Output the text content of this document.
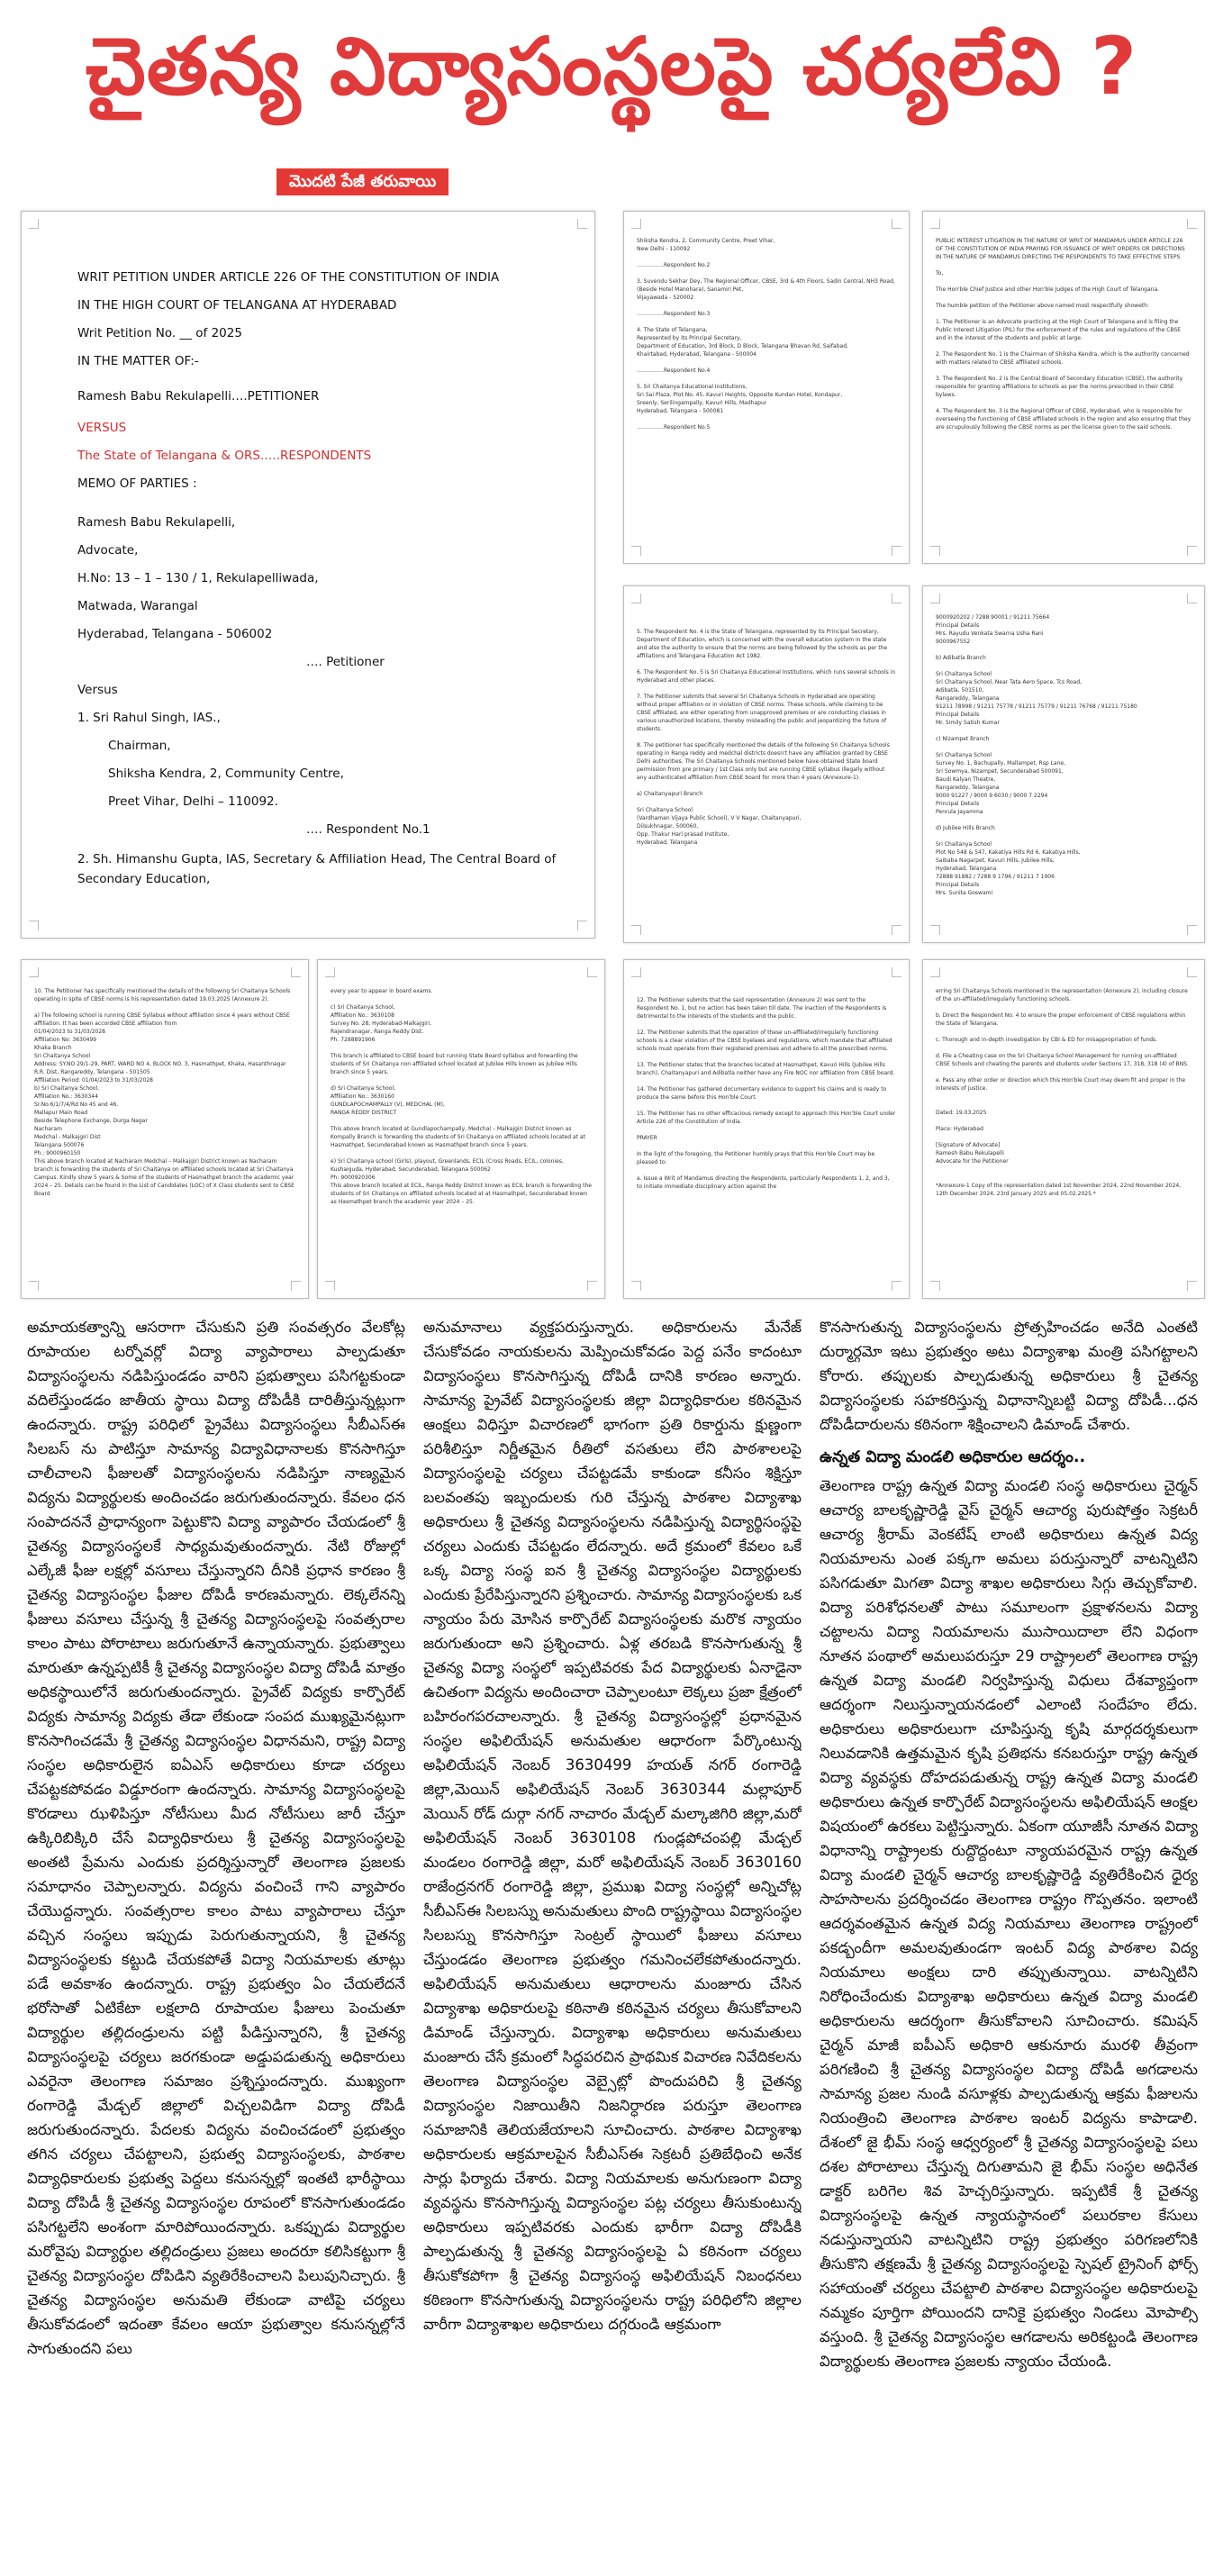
చైతన్య విద్యాసంస్థలపై చర్యలేవి ?
మొదటి పేజీ తరువాయి
WRIT PETITION UNDER ARTICLE 226 OF THE CONSTITUTION OF INDIA
IN THE HIGH COURT OF TELANGANA AT HYDERABAD
Writ Petition No. __ of 2025
IN THE MATTER OF:-
Ramesh Babu Rekulapelli….PETITIONER
VERSUS
The State of Telangana & ORS…..RESPONDENTS
MEMO OF PARTIES :
Ramesh Babu Rekulapelli,
Advocate,
H.No: 13 – 1 – 130 / 1, Rekulapelliwada,
Matwada, Warangal
Hyderabad, Telangana - 506002
…. Petitioner
Versus
1. Sri Rahul Singh, IAS.,
Chairman,
Shiksha Kendra, 2, Community Centre,
Preet Vihar, Delhi – 110092.
…. Respondent No.1
2. Sh. Himanshu Gupta, IAS, Secretary & Affiliation Head, The Central Board of Secondary Education,
Shiksha Kendra, 2, Community Centre, Preet Vihar,
New Delhi - 110092

……………Respondent No.2

3. Suvendu Sekhar Dey, The Regional Officer, CBSE, 3rd & 4th Floors, Sadin Central, NH3 Road, (Beside Hotel Manohara), Sanamiri Pet,
Vijayawada - 520002

……………Respondent No.3

4. The State of Telangana,
Represented by its Principal Secretary,
Department of Education, 3rd Block, D Block, Telangana Bhavan Rd, Saifabad,
Khairtabad, Hyderabad, Telangana - 500004

……………Respondent No.4

5. Sri Chaitanya Educational Institutions,
Sri Sai Plaza, Plot No. 45, Kavuri Heights, Opposite Kundan Hotel, Kondapur,
Sreenly, Serilingampally, Kavuri Hills, Madhapur
Hyderabad, Telangana - 500081

……………Respondent No.5
PUBLIC INTEREST LITIGATION IN THE NATURE OF WRIT OF MANDAMUS UNDER ARTICLE 226 OF THE CONSTITUTION OF INDIA PRAYING FOR ISSUANCE OF WRIT ORDERS OR DIRECTIONS IN THE NATURE OF MANDAMUS DIRECTING THE RESPONDENTS TO TAKE EFFECTIVE STEPS

To,

The Hon'ble Chief Justice and other Hon'ble Judges of the High Court of Telangana.

The humble petition of the Petitioner above named most respectfully showeth:

1. The Petitioner is an Advocate practicing at the High Court of Telangana and is filing the Public Interest Litigation (PIL) for the enforcement of the rules and regulations of the CBSE and in the interest of the students and public at large.

2. The Respondent No. 1 is the Chairman of Shiksha Kendra, which is the authority concerned with matters related to CBSE affiliated schools.

3. The Respondent No. 2 is the Central Board of Secondary Education (CBSE), the authority responsible for granting affiliations to schools as per the norms prescribed in their CBSE bylaws.

4. The Respondent No. 3 is the Regional Officer of CBSE, Hyderabad, who is responsible for overseeing the functioning of CBSE affiliated schools in the region and also ensuring that they are scrupulously following the CBSE norms as per the license given to the said schools.
5. The Respondent No. 4 is the State of Telangana, represented by its Principal Secretary, Department of Education, which is concerned with the overall education system in the state and also the authority to ensure that the norms are being followed by the schools as per the affiliations and Telangana Education Act 1982.

6. The Respondent No. 5 is Sri Chaitanya Educational Institutions, which runs several schools in Hyderabad and other places.

7. The Petitioner submits that several Sri Chaitanya Schools in Hyderabad are operating without proper affiliation or in violation of CBSE norms. These schools, while claiming to be CBSE affiliated, are either operating from unapproved premises or are conducting classes in various unauthorized locations, thereby misleading the public and jeopardizing the future of students.

8. The petitioner has specifically mentioned the details of the following Sri Chaitanya Schools operating in Ranga reddy and medchal districts doesn't have any affiliation granted by CBSE Delhi authorities. The Sri Chaitanya Schools mentioned below have obtained State board permission from pre primary / 1st Class only but are running CBSE syllabus illegally without any authenticated affiliation from CBSE board for more than 4 years (Annexure-1).

a) Chaitanyapuri Branch

Sri Chaitanya School
(Vardhaman Vijaya Public School), V V Nagar, Chaitanyapuri,
Dilsukhnagar, 500060,
Opp. Thakur Hari prasad Institute,
Hyderabad, Telangana
9000920202 / 7288 90001 / 91211 75664
Principal Details
Mrs. Rayudu Venkata Swarna Usha Rani
9000967552

b) Adibatla Branch

Sri Chaitanya School
Sri Chaitanya School, Near Tata Aero Space, Tcs Road,
Adibatla, 501510,
Rangareddy, Telangana
91211 78998 / 91211 75778 / 91211 75779 / 91211 76768 / 91211 75180
Principal Details
Mr. Simily Satish Kumar

c) Nizampet Branch

Sri Chaitanya School
Survey No. 1, Bachupally, Mallampet, Rsp Lane,
Sri Sowmya, Nizampet, Secunderabad 500091,
Baudi Kalyan Theatre,
Rangareddy, Telangana
9000 91227 / 9000 9 6030 / 9000 7 2294
Principal Details
Penrula Jayamma

d) Jubilee Hills Branch

Sri Chaitanya School
Plot No 548 & 547, Kakatiya Hills Rd 6, Kakatiya Hills,
Saibaba Nagarpet, Kavuri Hills, Jubilee Hills,
Hyderabad, Telangana
72888 91882 / 7288 9 1796 / 91211 7 1906
Principal Details
Mrs. Sunita Goswami
10. The Petitioner has specifically mentioned the details of the following Sri Chaitanya Schools operating in spite of CBSE norms is his representation dated 19.03.2025 (Annexure 2).

a) The following school is running CBSE Syllabus without affiliation since 4 years without CBSE affiliation. It has been accorded CBSE affiliation from
01/04/2023 to 31/03/2028
Affiliation No: 3630499
Khaka Branch
Sri Chaitanya School
Address: SY.NO 29/1-29, PART, WARD NO 4, BLOCK NO. 3, Hasmathpet, Khaka, Hasanthnagar R.R. Dist, Rangareddy, Telangana - 501505
Affiliation Period: 01/04/2023 to 31/03/2028
b) Sri Chaitanya School,
Affiliation No.: 3630344
Sr.No.6/1/7/4/Rd No 45 and 46,
Mallapur Main Road
Beside Telephone Exchange, Durga Nagar
Nacharam
Medchal - Malkajgiri Dist
Telangana 500076
Ph.: 9000960150
This above branch located at Nacharam Medchal – Malkajgiri District known as Nacharam branch is forwarding the students of Sri Chaitanya on affiliated schools located at Sri Chaitanya Campus. Kindly show 5 years & Some of the students of Hasmathpet branch the academic year 2024 – 25. Details can be found in the List of Candidates (LOC) of X Class students sent to CBSE Board
every year to appear in board exams.

c) Sri Chaitanya School,
Affiliation No.: 3630108
Survey No. 28, Hyderabad-Malkajgiri,
Rajendranagar, Ranga Reddy Dist.
Ph. 7288891906

This branch is affiliated to CBSE board but running State Board syllabus and forwarding the students of Sri Chaitanya non affiliated school located at Jubilee Hills known as Jubilee Hills branch since 5 years.

d) Sri Chaitanya School,
Affiliation No.: 3630160
GUNDLAPOCHAMPALLY (V), MEDCHAL (M),
RANGA REDDY DISTRICT

This above branch located at Gundlapochampally, Medchal – Malkajgiri District known as Kompally Branch is forwarding the students of Sri Chaitanya on affiliated schools located at at Hasmathpet, Secunderabad known as Hasmathpet branch since 5 years.

e) Sri Chaitanya school (Girls), playout, Greenlands, ECIL (Cross Roads, ECIL, colonies, Kushaiguda, Hyderabad, Secunderabad, Telangana 500062
Ph: 9000920306
This above branch located at ECIL, Ranga Reddy District known as ECIL branch is forwarding the students of Sri Chaitanya on affiliated schools located at at Hasmathpet, Secunderabad known as Hasmathpet branch the academic year 2024 – 25.
12. The Petitioner submits that the said representation (Annexure 2) was sent to the Respondent No. 1, but no action has been taken till date. The inaction of the Respondents is detrimental to the interests of the students and the public.

12. The Petitioner submits that the operation of these un-affiliated/irregularly functioning schools is a clear violation of the CBSE byelaws and regulations, which mandate that affiliated schools must operate from their registered premises and adhere to all the prescribed norms.

13. The Petitioner states that the branches located at Hasmathpet, Kavuri Hills (Jubilee Hills branch), Chaitanyapuri and Adibatla neither have any Fire NOC nor affiliation from CBSE board.

14. The Petitioner has gathered documentary evidence to support his claims and is ready to produce the same before this Hon'ble Court.

15. The Petitioner has no other efficacious remedy except to approach this Hon'ble Court under Article 226 of the Constitution of India.

PRAYER

In the light of the foregoing, the Petitioner humbly prays that this Hon'ble Court may be pleased to:

a. Issue a Writ of Mandamus directing the Respondents, particularly Respondents 1, 2, and 3, to initiate immediate disciplinary action against the
erring Sri Chaitanya Schools mentioned in the representation (Annexure 2), including closure of the un-affiliated/irregularly functioning schools.

b. Direct the Respondent No. 4 to ensure the proper enforcement of CBSE regulations within the State of Telangana.

c. Thorough and in-depth investigation by CBI & ED for misappropriation of funds.

d. File a Cheating case on the Sri Chaitanya School Management for running un-affiliated CBSE Schools and cheating the parents and students under Sections 17, 318, 318 (4) of BNS.

e. Pass any other order or direction which this Hon'ble Court may deem fit and proper in the interests of justice.

Dated: 19.03.2025

Place: Hyderabad

[Signature of Advocate]
Ramesh Babu Rekulapelli
Advocate for the Petitioner

*Annexure-1 Copy of the representation dated 1st November 2024, 22nd November 2024, 12th December 2024, 23rd January 2025 and 05.02.2025.*
అమాయకత్వాన్ని ఆసరాగా చేసుకుని ప్రతి సంవత్సరం వేలకోట్ల రూపాయల టర్నోవర్లో విద్యా వ్యాపారాలు పాల్పడుతూ విద్యాసంస్థలను నడిపిస్తుండడం వారిని ప్రభుత్వాలు పసిగట్టకుండా వదిలేస్తుండడం జాతీయ స్థాయి విద్యా దోపిడీకి దారితీస్తున్నట్లుగా ఉందన్నారు. రాష్ట్ర పరిధిలో ప్రైవేటు విద్యాసంస్థలు సీబీఎస్ఈ సిలబస్ ను పాటిస్తూ సామాన్య విద్యావిధానాలకు కొనసాగిస్తూ చాలీచాలని ఫీజులతో విద్యాసంస్థలను నడిపిస్తూ నాణ్యమైన విద్యను విద్యార్థులకు అందించడం జరుగుతుందన్నారు. కేవలం ధన సంపాదననే ప్రాధాన్యంగా పెట్టుకొని విద్యా వ్యాపారం చేయడంలో శ్రీ చైతన్య విద్యాసంస్థలకే సాధ్యమవుతుందన్నారు. నేటి రోజుల్లో ఎల్కేజీ ఫీజు లక్షల్లో వసూలు చేస్తున్నారని దీనికి ప్రధాన కారణం శ్రీ చైతన్య విద్యాసంస్థల ఫీజుల దోపిడీ కారణమన్నారు. లెక్కలేనన్ని ఫీజులు వసూలు చేస్తున్న శ్రీ చైతన్య విద్యాసంస్థలపై సంవత్సరాల కాలం పాటు పోరాటాలు జరుగుతూనే ఉన్నాయన్నారు. ప్రభుత్వాలు మారుతూ ఉన్నప్పటికీ శ్రీ చైతన్య విద్యాసంస్థల విద్యా దోపిడీ మాత్రం అధికస్థాయిలోనే జరుగుతుందన్నారు. ప్రైవేట్ విద్యకు కార్పొరేట్ విద్యకు సామాన్య విద్యకు తేడా లేకుండా సంపద ముఖ్యమైనట్లుగా కొనసాగించడమే శ్రీ చైతన్య విద్యాసంస్థల విధానమని, రాష్ట్ర విద్యా సంస్థల అధికారులైన ఐఏఎస్ అధికారులు కూడా చర్యలు చేపట్టకపోవడం విడ్డూరంగా ఉందన్నారు. సామాన్య విద్యాసంస్థలపై కొరడాలు ఝళిపిస్తూ నోటీసులు మీద నోటీసులు జారీ చేస్తూ ఉక్కిరిబిక్కిరి చేసే విద్యాధికారులు శ్రీ చైతన్య విద్యాసంస్థలపై అంతటి ప్రేమను ఎందుకు ప్రదర్శిస్తున్నారో తెలంగాణ ప్రజలకు సమాధానం చెప్పాలన్నారు. విద్యను వంచించే గాని వ్యాపారం చేయొద్దన్నారు. సంవత్సరాల కాలం పాటు వ్యాపారాలు చేస్తూ వచ్చిన సంస్థలు ఇప్పుడు పెరుగుతున్నాయని, శ్రీ చైతన్య విద్యాసంస్థలకు కట్టుడి చేయకపోతే విద్యా నియమాలకు తూట్లు పడే అవకాశం ఉందన్నారు. రాష్ట్ర ప్రభుత్వం ఏం చేయలేదనే భరోసాతో ఏటికేటా లక్షలాది రూపాయల ఫీజులు పెంచుతూ విద్యార్థుల తల్లిదండ్రులను పట్టి పీడిస్తున్నారని, శ్రీ చైతన్య విద్యాసంస్థలపై చర్యలు జరగకుండా అడ్డుపడుతున్న అధికారులు ఎవరైనా తెలంగాణ సమాజం ప్రశ్నిస్తుందన్నారు. ముఖ్యంగా రంగారెడ్డి మేడ్చల్ జిల్లాలో విచ్చలవిడిగా విద్యా దోపిడీ జరుగుతుందన్నారు. పేదలకు విద్యను వంచించడంలో ప్రభుత్వం తగిన చర్యలు చేపట్టాలని, ప్రభుత్వ విద్యాసంస్థలకు, పాఠశాల విద్యాధికారులకు ప్రభుత్వ పెద్దలు కనుసన్నల్లో ఇంతటి భారీస్థాయి విద్యా దోపిడీ శ్రీ చైతన్య విద్యాసంస్థల రూపంలో కొనసాగుతుండడం పసిగట్టలేని అంశంగా మారిపోయిందన్నారు. ఒకప్పుడు విద్యార్థుల మరోవైపు విద్యార్థుల తల్లిదండ్రులు ప్రజలు అందరూ కలిసికట్టుగా శ్రీ చైతన్య విద్యాసంస్థల దోపిడిని వ్యతిరేకించాలని పిలుపునిచ్చారు. శ్రీ చైతన్య విద్యాసంస్థల అనుమతి లేకుండా వాటిపై చర్యలు తీసుకోవడంలో ఇదంతా కేవలం ఆయా ప్రభుత్వాల కనుసన్నల్లోనే సాగుతుందని పలు
అనుమానాలు వ్యక్తపరుస్తున్నారు. అధికారులను మేనేజ్ చేసుకోవడం నాయకులను మెప్పించుకోవడం పెద్ద పనేం కాదంటూ విద్యాసంస్థలు కొనసాగిస్తున్న దోపిడీ దానికి కారణం అన్నారు. సామాన్య ప్రైవేట్ విద్యాసంస్థలకు జిల్లా విద్యాధికారుల కఠినమైన ఆంక్షలు విధిస్తూ విచారణలో భాగంగా ప్రతి రికార్డును క్షుణ్ణంగా పరిశీలిస్తూ నిర్ణీతమైన రీతిలో వసతులు లేని పాఠశాలలపై విద్యాసంస్థలపై చర్యలు చేపట్టడమే కాకుండా కనీసం శిక్షిస్తూ బలవంతపు ఇబ్బందులకు గురి చేస్తున్న పాఠశాల విద్యాశాఖ అధికారులు శ్రీ చైతన్య విద్యాసంస్థలను నడిపిస్తున్న విద్యార్థిసంస్థపై చర్యలు ఎందుకు చేపట్టడం లేదన్నారు. అదే క్రమంలో కేవలం ఒకే ఒక్క విద్యా సంస్థ ఐన శ్రీ చైతన్య విద్యాసంస్థల విద్యార్థులకు ఎందుకు ప్రేరేపిస్తున్నారని ప్రశ్నించారు. సామాన్య విద్యాసంస్థలకు ఒక న్యాయం పేరు మోసిన కార్పొరేట్ విద్యాసంస్థలకు మరొక న్యాయం జరుగుతుందా అని ప్రశ్నించారు. ఏళ్ల తరబడి కొనసాగుతున్న శ్రీ చైతన్య విద్యా సంస్థలో ఇప్పటివరకు పేద విద్యార్థులకు ఏనాడైనా ఉచితంగా విద్యను అందించారా చెప్పాలంటూ లెక్కలు ప్రజా క్షేత్రంలో బహిరంగపరచాలన్నారు. శ్రీ చైతన్య విద్యాసంస్థల్లో ప్రధానమైన సంస్థల అఫిలియేషన్ అనుమతుల ఆధారంగా పేర్కొంటున్న అఫిలియేషన్ నెంబర్ 3630499 హయత్ నగర్ రంగారెడ్డి జిల్లా,మెయిన్ అఫిలియేషన్ నెంబర్ 3630344 మల్లాపూర్ మెయిన్ రోడ్ దుర్గా నగర్ నాచారం మేడ్చల్ మల్కాజిగిరి జిల్లా,మరో అఫిలియేషన్ నెంబర్ 3630108 గుండ్లపోచంపల్లి మేడ్చల్ మండలం రంగారెడ్డి జిల్లా, మరో అఫిలియేషన్ నెంబర్ 3630160 రాజేంద్రనగర్ రంగారెడ్డి జిల్లా, ప్రముఖ విద్యా సంస్థల్లో అన్నిచోట్ల సీబీఎస్ఈ సిలబస్ను అనుమతులు పొంది రాష్ట్రస్థాయి విద్యాసంస్థల సిలబస్ను కొనసాగిస్తూ సెంట్రల్ స్థాయిలో ఫీజులు వసూలు చేస్తుండడం తెలంగాణ ప్రభుత్వం గమనించలేకపోతుందన్నారు. అఫిలియేషన్ అనుమతులు ఆధారాలను మంజూరు చేసిన విద్యాశాఖ అధికారులపై కఠినాతి కఠినమైన చర్యలు తీసుకోవాలని డిమాండ్ చేస్తున్నారు. విద్యాశాఖ అధికారులు అనుమతులు మంజూరు చేసే క్రమంలో సిద్ధపరచిన ప్రాథమిక విచారణ నివేదికలను తెలంగాణ విద్యాసంస్థల వెబ్సైట్లో పొందుపరిచి శ్రీ చైతన్య విద్యాసంస్థల నిజాయితీని నిజనిర్ధారణ పరుస్తూ తెలంగాణ సమాజానికి తెలియజేయాలని సూచించారు. పాఠశాల విద్యాశాఖ అధికారులకు ఆక్రమాలపైన సీబీఎస్ఈ సెక్రటరీ ప్రతిబేధించి అనేక సార్లు ఫిర్యాదు చేశారు. విద్యా నియమాలకు అనుగుణంగా విద్యా వ్యవస్థను కొనసాగిస్తున్న విద్యాసంస్థల పట్ల చర్యలు తీసుకుంటున్న అధికారులు ఇప్పటివరకు ఎందుకు భారీగా విద్యా దోపిడీకి పాల్పడుతున్న శ్రీ చైతన్య విద్యాసంస్థలపై ఏ కఠినంగా చర్యలు తీసుకోకపోగా శ్రీ చైతన్య విద్యాసంస్థ అఫిలియేషన్ నిబంధనలు కఠిణంగా కొనసాగుతున్న విద్యాసంస్థలను రాష్ట్ర పరిధిలోని జిల్లాల వారీగా విద్యాశాఖల అధికారులు దగ్గరుండి ఆక్రమంగా
కొనసాగుతున్న విద్యాసంస్థలను ప్రోత్సహించడం అనేది ఎంతటి దుర్మార్గమో ఇటు ప్రభుత్వం అటు విద్యాశాఖ మంత్రి పసిగట్టాలని కోరారు. తప్పులకు పాల్పడుతున్న అధికారులు శ్రీ చైతన్య విద్యాసంస్థలకు సహకరిస్తున్న విధానాన్నిబట్టి విద్యా దోపిడీ...ధన దోపిడీదారులను కఠినంగా శిక్షించాలని డిమాండ్ చేశారు.
ఉన్నత విద్యా మండలి అధికారుల ఆదర్శం..
తెలంగాణ రాష్ట్ర ఉన్నత విద్యా మండలి సంస్థ అధికారులు చైర్మన్ ఆచార్య బాలకృష్ణారెడ్డి వైస్ చైర్మన్ ఆచార్య పురుషోత్తం సెక్రటరీ ఆచార్య శ్రీరామ్ వెంకటేష్ లాంటి అధికారులు ఉన్నత విద్య నియమాలను ఎంత పక్కగా అమలు పరుస్తున్నారో వాటన్నిటిని పసిగడుతూ మిగతా విద్యా శాఖల అధికారులు సిగ్గు తెచ్చుకోవాలి. విద్యా పరిశోధనలతో పాటు సమూలంగా ప్రక్షాళనలను విద్యా చట్టాలను విద్యా నియమాలను ముసాయిదాలా లేని విధంగా నూతన పంథాలో అమలుపరుస్తూ 29 రాష్ట్రాలలో తెలంగాణ రాష్ట్ర ఉన్నత విద్యా మండలి నిర్వహిస్తున్న విధులు దేశవ్యాప్తంగా ఆదర్శంగా నిలుస్తున్నాయనడంలో ఎలాంటి సందేహం లేదు. అధికారులు అధికారులుగా చూపిస్తున్న కృషి మార్గదర్శకులుగా నిలువడానికి ఉత్తమమైన కృషి ప్రతిభను కనబరుస్తూ రాష్ట్ర ఉన్నత విద్యా వ్యవస్థకు దోహదపడుతున్న రాష్ట్ర ఉన్నత విద్యా మండలి అధికారులు ఉన్నత కార్పొరేట్ విద్యాసంస్థలను అఫిలియేషన్ ఆంక్షల విషయంలో ఉరకలు పెట్టిస్తున్నారు. ఏకంగా యూజీసీ నూతన విద్యా విధానాన్ని రాష్ట్రాలకు రుద్దొద్దంటూ న్యాయపరమైన రాష్ట్ర ఉన్నత విద్యా మండలి చైర్మన్ ఆచార్య బాలకృష్ణారెడ్డి వ్యతిరేకించిన ధైర్య సాహసాలను ప్రదర్శించడం తెలంగాణ రాష్ట్రం గొప్పతనం. ఇలాంటి ఆదర్శవంతమైన ఉన్నత విద్య నియమాలు తెలంగాణ రాష్ట్రంలో పకడ్బందీగా అమలవుతుండగా ఇంటర్ విద్య పాఠశాల విద్య నియమాలు అంక్షలు దారి తప్పుతున్నాయి. వాటన్నిటిని నిరోధించేందుకు విద్యాశాఖ అధికారులు ఉన్నత విద్యా మండలి అధికారులను ఆదర్శంగా తీసుకోవాలని సూచించారు. కమిషన్ చైర్మన్ మాజీ ఐపీఎస్ అధికారి ఆకునూరు మురళి తీవ్రంగా పరిగణించి శ్రీ చైతన్య విద్యాసంస్థల విద్యా దోపిడీ అగడాలను సామాన్య ప్రజల నుండి వసూళ్లకు పాల్పడుతున్న ఆక్రమ ఫీజులను నియంత్రించి తెలంగాణ పాఠశాల ఇంటర్ విద్యను కాపాడాలి. దేశంలో జై భీమ్ సంస్థ ఆధ్వర్యంలో శ్రీ చైతన్య విద్యాసంస్థలపై పలు దశల పోరాటాలు చేస్తున్న దిగుతామని జై భీమ్ సంస్థల అధినేత డాక్టర్ బరిగెల శివ హెచ్చరిస్తున్నారు. ఇప్పటికే శ్రీ చైతన్య విద్యాసంస్థలపై ఉన్నత న్యాయస్థానంలో పలురకాల కేసులు నడుస్తున్నాయని వాటన్నిటిని రాష్ట్ర ప్రభుత్వం పరిగణలోనికి తీసుకొని తక్షణమే శ్రీ చైతన్య విద్యాసంస్థలపై స్పెషల్ ట్రైనింగ్ ఫోర్స్ సహాయంతో చర్యలు చేపట్టాలి పాఠశాల విద్యాసంస్థల అధికారులపై నమ్మకం పూర్తిగా పోయిందని దానికై ప్రభుత్వం నిండలు మోపాల్సి వస్తుంది. శ్రీ చైతన్య విద్యాసంస్థల ఆగడాలను అరికట్టండి తెలంగాణ విద్యార్థులకు తెలంగాణ ప్రజలకు న్యాయం చేయండి.
